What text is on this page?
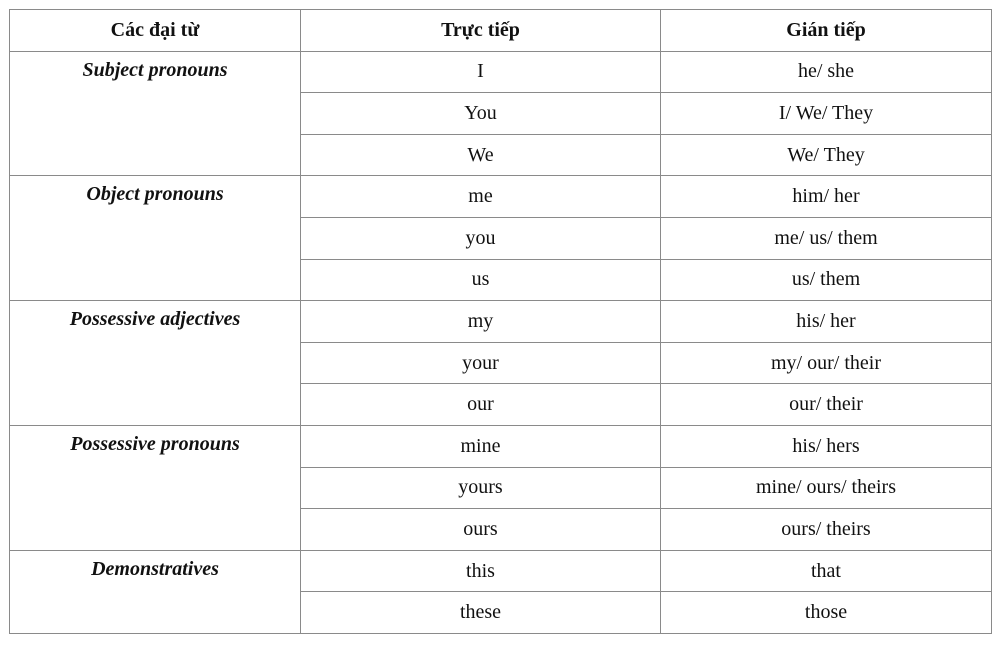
Các đại từ	Trực tiếp	Gián tiếp
Subject pronouns	I	he/ she
	You	I/ We/ They
	We	We/ They
Object pronouns	me	him/ her
	you	me/ us/ them
	us	us/ them
Possessive adjectives	my	his/ her
	your	my/ our/ their
	our	our/ their
Possessive pronouns	mine	his/ hers
	yours	mine/ ours/ theirs
	ours	ours/ theirs
Demonstratives	this	that
	these	those
